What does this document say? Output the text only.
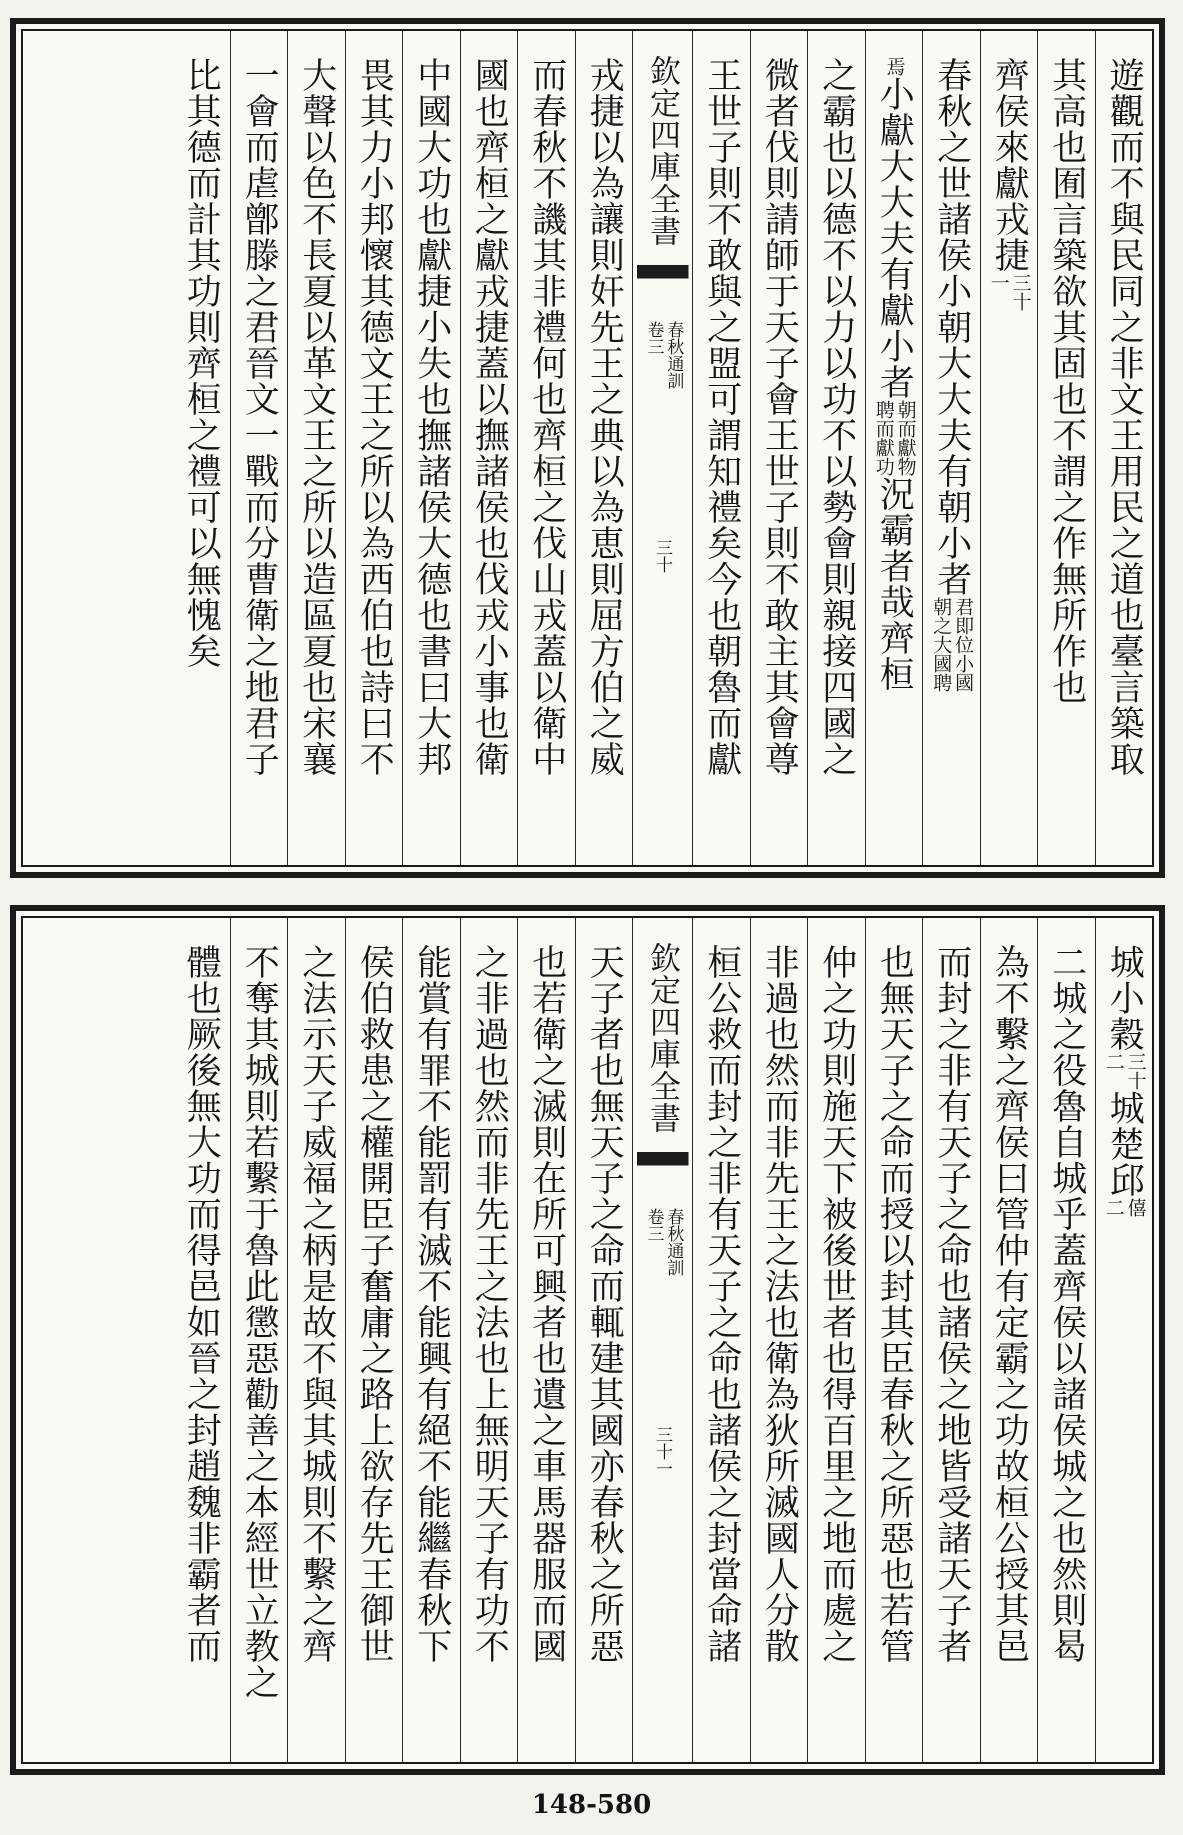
遊觀而不與民同之非文王用民之道也臺言築取
其高也囿言築欲其固也不謂之作無所作也
齊侯來獻戎捷
三十
一
春秋之世諸侯小朝大大夫有朝小者
君即位小國
朝之大國聘
焉
小獻大大夫有獻小者
朝而獻物
聘而獻功
況霸者哉齊桓
之霸也以德不以力以功不以勢會則親接四國之
微者伐則請師于天子會王世子則不敢主其會尊
王世子則不敢與之盟可謂知禮矣今也朝魯而獻
欽定四庫全書
春秋通訓
卷三
三十
戎捷以為讓則奸先王之典以為恵則屈方伯之威
而春秋不譏其非禮何也齊桓之伐山戎蓋以衛中
國也齊桓之獻戎捷蓋以撫諸侯也伐戎小事也衛
中國大功也獻捷小失也撫諸侯大德也書曰大邦
畏其力小邦懷其德文王之所以為西伯也詩曰不
大聲以色不長夏以革文王之所以造區夏也宋襄
一會而虐鄫滕之君晉文一戰而分曹衛之地君子
比其德而計其功則齊桓之禮可以無愧矣
城小穀
三十
二
城楚邱
僖
二
二城之役魯自城乎蓋齊侯以諸侯城之也然則曷
為不繫之齊侯曰管仲有定霸之功故桓公授其邑
而封之非有天子之命也諸侯之地皆受諸天子者
也無天子之命而授以封其臣春秋之所惡也若管
仲之功則施天下被後世者也得百里之地而處之
非過也然而非先王之法也衛為狄所滅國人分散
桓公救而封之非有天子之命也諸侯之封當命諸
欽定四庫全書
春秋通訓
卷三
三十一
天子者也無天子之命而輒建其國亦春秋之所惡
也若衛之滅則在所可興者也遺之車馬器服而國
之非過也然而非先王之法也上無明天子有功不
能賞有罪不能罰有滅不能興有絕不能繼春秋下
侯伯救患之權開臣子奮庸之路上欲存先王御世
之法示天子威福之柄是故不與其城則不繫之齊
不奪其城則若繫于魯此懲惡勸善之本經世立教之
體也厥後無大功而得邑如晉之封趙魏非霸者而
148-580
